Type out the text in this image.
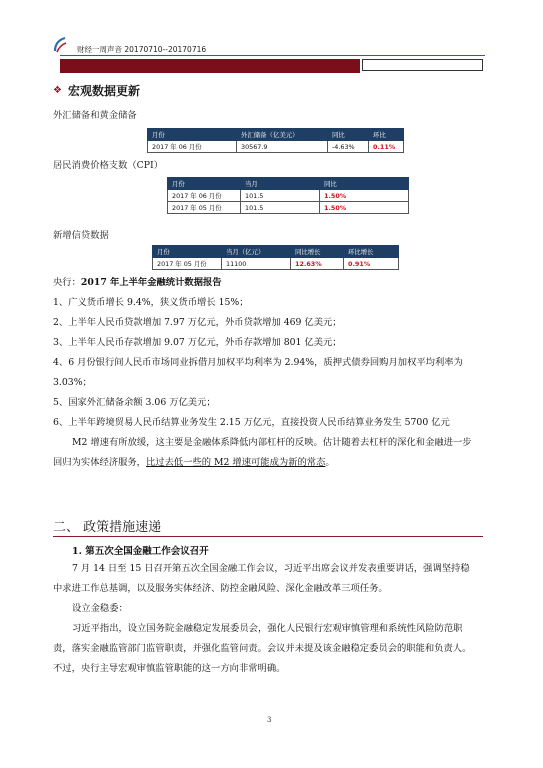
财经一周声音 20170710--20170716
❖ 宏观数据更新
外汇储备和黄金储备
月份	外汇储备（亿美元）	同比	环比
2017 年 06 月份	30567.9	-4.63%	0.11%
居民消费价格支数（CPI）
月份	当月	同比
2017 年 06 月份	101.5	1.50%
2017 年 05 月份	101.5	1.50%
新增信贷数据
月份	当月（亿元）	同比增长	环比增长
2017 年 05 月份	11100	12.63%	0.91%
央行：2017 年上半年金融统计数据报告
1、广义货币增长 9.4%，狭义货币增长 15%；
2、上半年人民币贷款增加 7.97 万亿元，外币贷款增加 469 亿美元；
3、上半年人民币存款增加 9.07 万亿元，外币存款增加 801 亿美元；
4、6 月份银行间人民币市场同业拆借月加权平均利率为 2.94%，质押式债券回购月加权平均利率为 3.03%；
5、国家外汇储备余额 3.06 万亿美元；
6、上半年跨境贸易人民币结算业务发生 2.15 万亿元，直接投资人民币结算业务发生 5700 亿元
M2 增速有所放缓，这主要是金融体系降低内部杠杆的反映。估计随着去杠杆的深化和金融进一步回归为实体经济服务，比过去低一些的 M2 增速可能成为新的常态。
二、 政策措施速递
1. 第五次全国金融工作会议召开
7 月 14 日至 15 日召开第五次全国金融工作会议，习近平出席会议并发表重要讲话，强调坚持稳中求进工作总基调，以及服务实体经济、防控金融风险、深化金融改革三项任务。
设立金稳委：
习近平指出，设立国务院金融稳定发展委员会，强化人民银行宏观审慎管理和系统性风险防范职责，落实金融监管部门监管职责，并强化监管问责。会议并未提及该金融稳定委员会的职能和负责人。不过，央行主导宏观审慎监管职能的这一方向非常明确。
3
